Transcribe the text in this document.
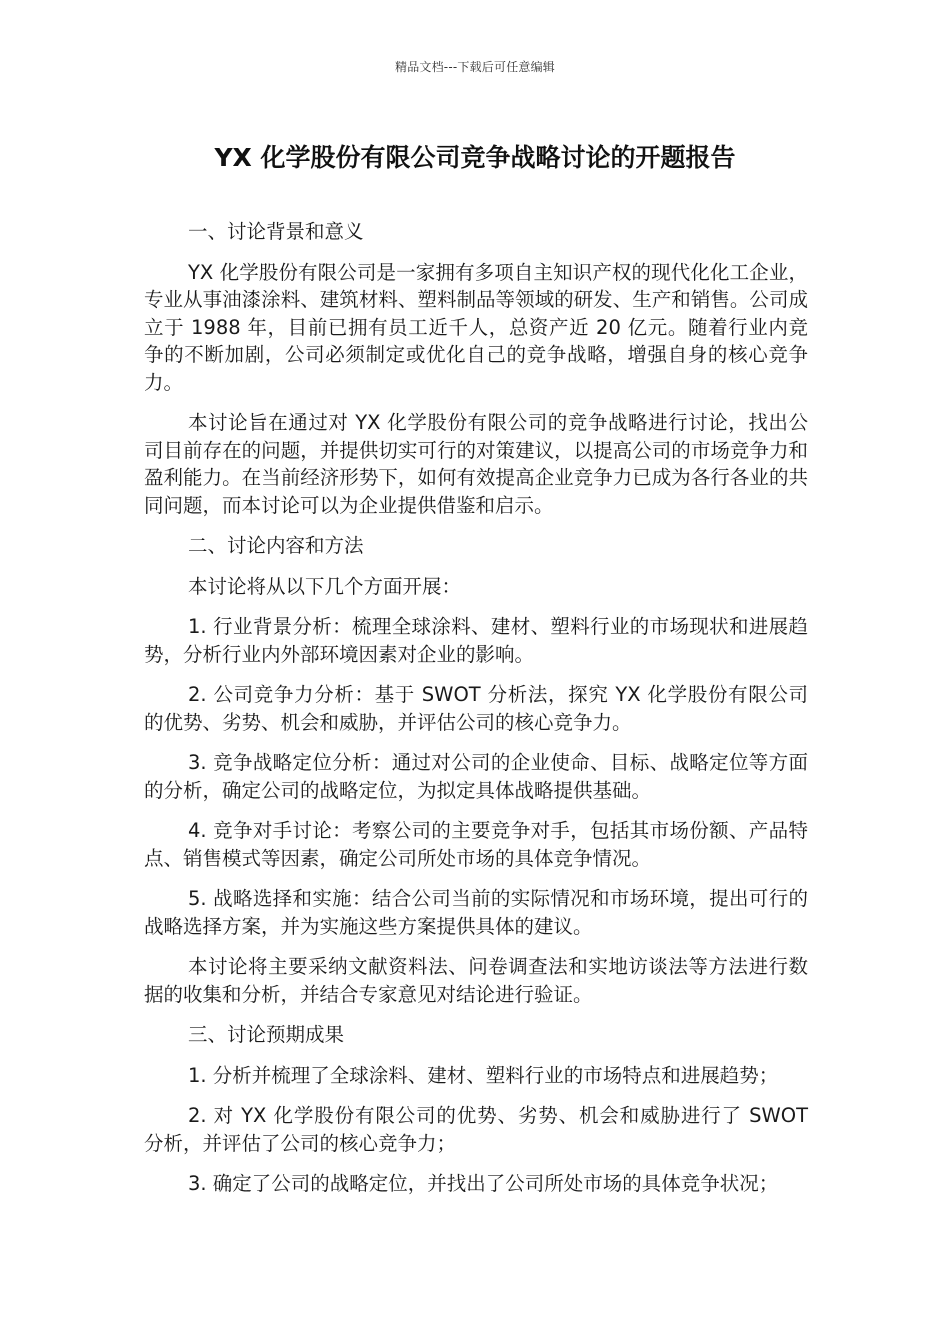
精品文档---下载后可任意编辑
YX 化学股份有限公司竞争战略讨论的开题报告

一、讨论背景和意义

YX 化学股份有限公司是一家拥有多项自主知识产权的现代化化工企业，专业从事油漆涂料、建筑材料、塑料制品等领域的研发、生产和销售。公司成立于 1988 年，目前已拥有员工近千人，总资产近 20 亿元。随着行业内竞争的不断加剧，公司必须制定或优化自己的竞争战略，增强自身的核心竞争力。

本讨论旨在通过对 YX 化学股份有限公司的竞争战略进行讨论，找出公司目前存在的问题，并提供切实可行的对策建议，以提高公司的市场竞争力和盈利能力。在当前经济形势下，如何有效提高企业竞争力已成为各行各业的共同问题，而本讨论可以为企业提供借鉴和启示。

二、讨论内容和方法

本讨论将从以下几个方面开展：

1. 行业背景分析：梳理全球涂料、建材、塑料行业的市场现状和进展趋势，分析行业内外部环境因素对企业的影响。

2. 公司竞争力分析：基于 SWOT 分析法，探究 YX 化学股份有限公司的优势、劣势、机会和威胁，并评估公司的核心竞争力。

3. 竞争战略定位分析：通过对公司的企业使命、目标、战略定位等方面的分析，确定公司的战略定位，为拟定具体战略提供基础。

4. 竞争对手讨论：考察公司的主要竞争对手，包括其市场份额、产品特点、销售模式等因素，确定公司所处市场的具体竞争情况。

5. 战略选择和实施：结合公司当前的实际情况和市场环境，提出可行的战略选择方案，并为实施这些方案提供具体的建议。

本讨论将主要采纳文献资料法、问卷调查法和实地访谈法等方法进行数据的收集和分析，并结合专家意见对结论进行验证。

三、讨论预期成果

1. 分析并梳理了全球涂料、建材、塑料行业的市场特点和进展趋势；

2. 对 YX 化学股份有限公司的优势、劣势、机会和威胁进行了 SWOT 分析，并评估了公司的核心竞争力；

3. 确定了公司的战略定位，并找出了公司所处市场的具体竞争状况；
